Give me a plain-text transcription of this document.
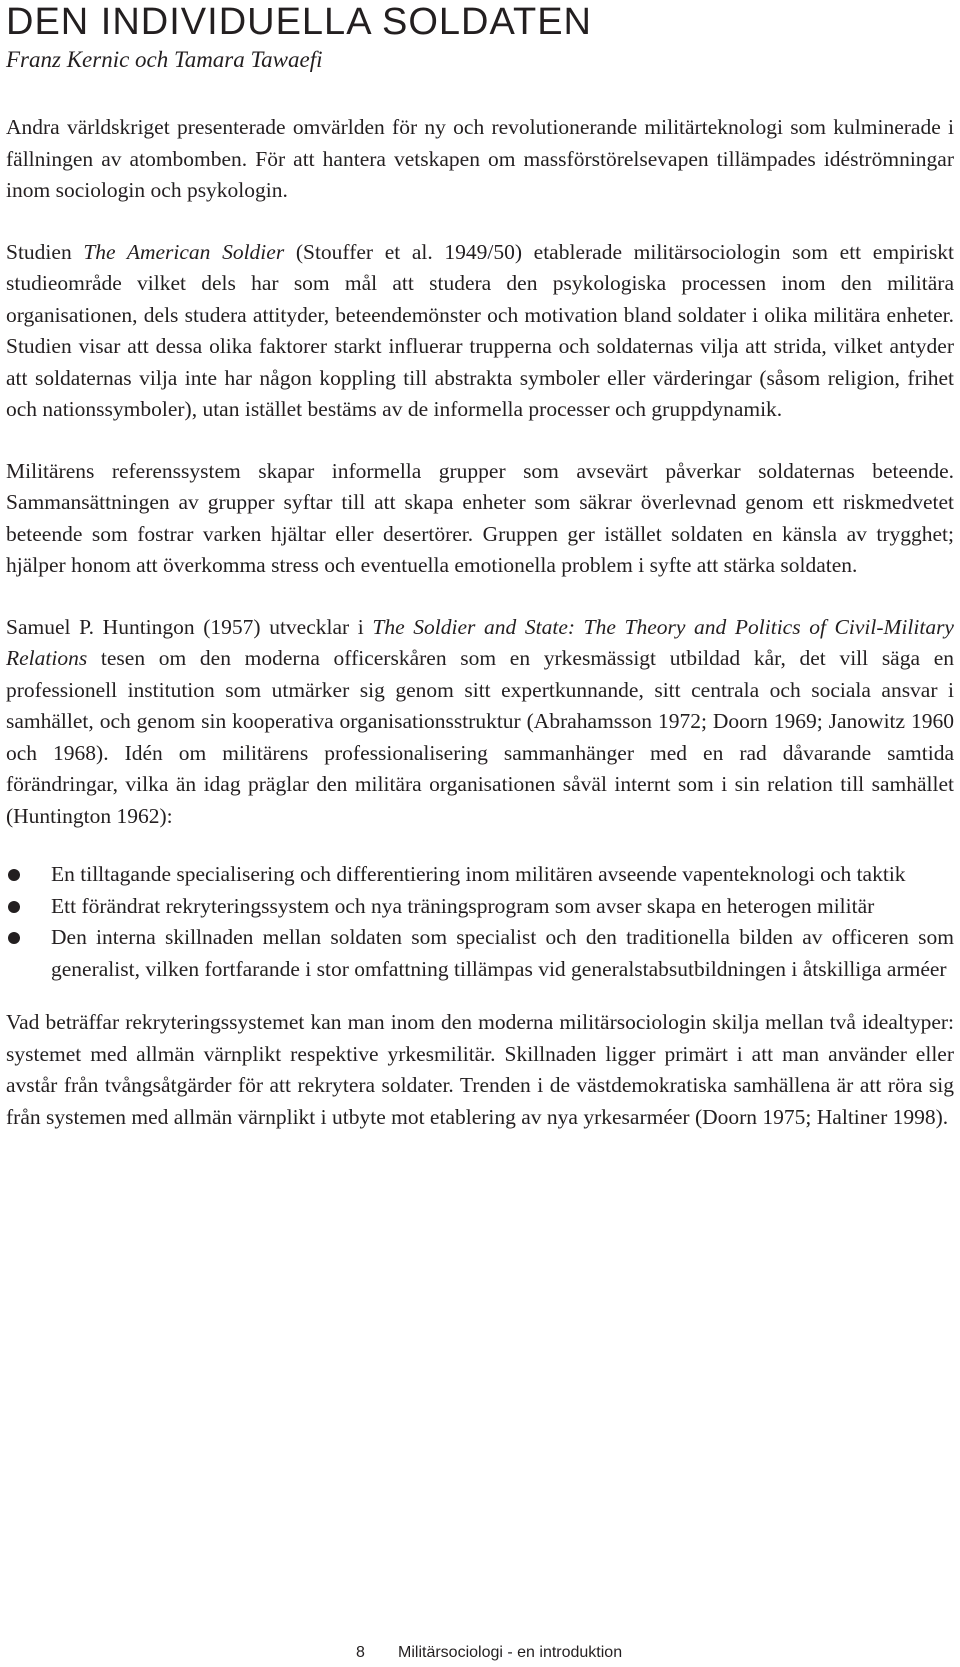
DEN INDIVIDUELLA SOLDATEN
Franz Kernic och Tamara Tawaefi

Andra världskriget presenterade omvärlden för ny och revolutionerande militärteknologi som kulminerade i fällningen av atombomben. För att hantera vetskapen om massförstörelsevapen tillämpades idéströmningar inom sociologin och psykologin.

Studien The American Soldier (Stouffer et al. 1949/50) etablerade militärsociologin som ett empiriskt studieområde vilket dels har som mål att studera den psykologiska processen inom den militära organisationen, dels studera attityder, beteendemönster och motivation bland soldater i olika militära enheter. Studien visar att dessa olika faktorer starkt influerar trupperna och soldaternas vilja att strida, vilket antyder att soldaternas vilja inte har någon koppling till abstrakta symboler eller värderingar (såsom religion, frihet och nationssymboler), utan istället bestäms av de informella processer och gruppdynamik.

Militärens referenssystem skapar informella grupper som avsevärt påverkar soldaternas beteende. Sammansättningen av grupper syftar till att skapa enheter som säkrar överlevnad genom ett riskmedvetet beteende som fostrar varken hjältar eller desertörer. Gruppen ger istället soldaten en känsla av trygghet; hjälper honom att överkomma stress och eventuella emotionella problem i syfte att stärka soldaten.

Samuel P. Huntingon (1957) utvecklar i The Soldier and State: The Theory and Politics of Civil-Military Relations tesen om den moderna officerskåren som en yrkesmässigt utbildad kår, det vill säga en professionell institution som utmärker sig genom sitt expertkunnande, sitt centrala och sociala ansvar i samhället, och genom sin kooperativa organisationsstruktur (Abrahamsson 1972; Doorn 1969; Janowitz 1960 och 1968). Idén om militärens professionalisering sammanhänger med en rad dåvarande samtida förändringar, vilka än idag präglar den militära organisationen såväl internt som i sin relation till samhället (Huntington 1962):

En tilltagande specialisering och differentiering inom militären avseende vapenteknologi och taktik
Ett förändrat rekryteringssystem och nya träningsprogram som avser skapa en heterogen militär
Den interna skillnaden mellan soldaten som specialist och den traditionella bilden av officeren som generalist, vilken fortfarande i stor omfattning tillämpas vid generalstabsutbildningen i åtskilliga arméer

Vad beträffar rekryteringssystemet kan man inom den moderna militärsociologin skilja mellan två idealtyper: systemet med allmän värnplikt respektive yrkesmilitär. Skillnaden ligger primärt i att man använder eller avstår från tvångsåtgärder för att rekrytera soldater. Trenden i de västdemokratiska samhällena är att röra sig från systemen med allmän värnplikt i utbyte mot etablering av nya yrkesarméer (Doorn 1975; Haltiner 1998).

8 Militärsociologi - en introduktion
